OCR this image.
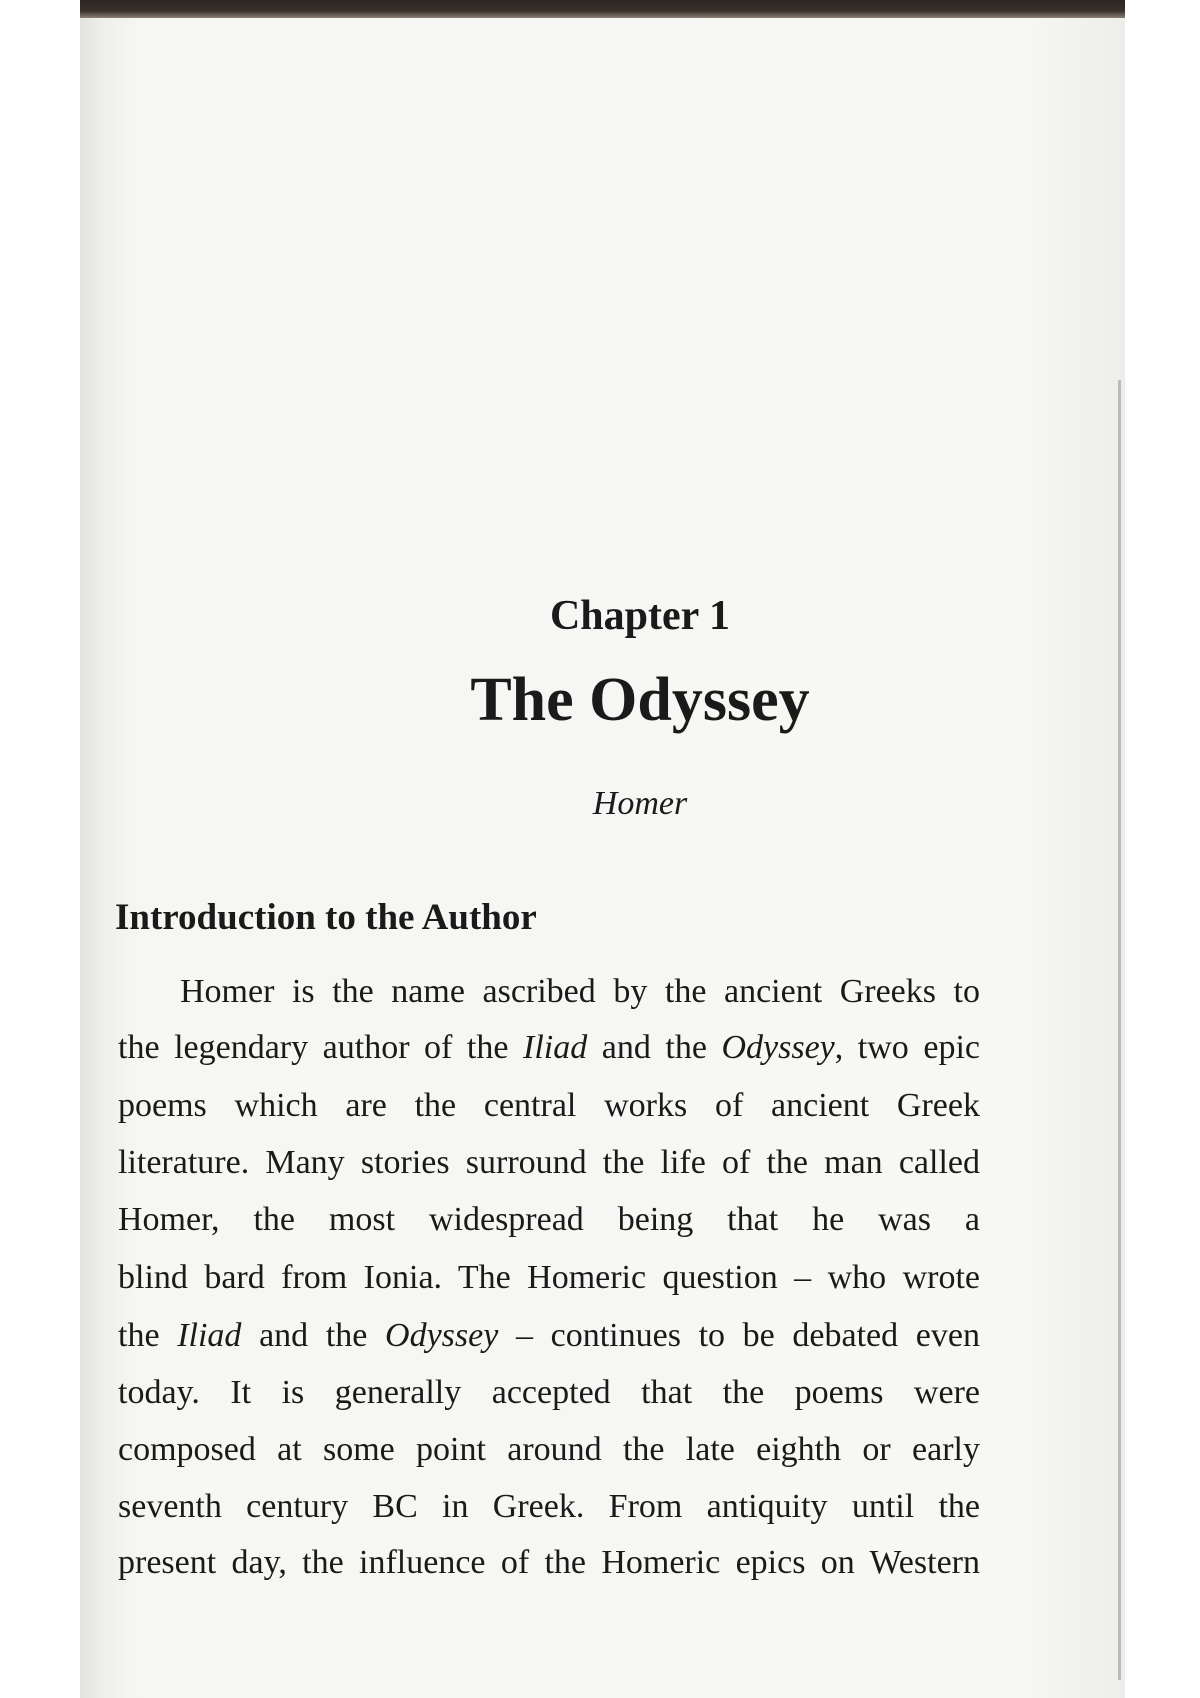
Chapter 1
The Odyssey
Homer
Introduction to the Author
Homer is the name ascribed by the ancient Greeks to
the legendary author of the Iliad and the Odyssey, two epic
poems which are the central works of ancient Greek
literature. Many stories surround the life of the man called
Homer, the most widespread being that he was a
blind bard from Ionia. The Homeric question – who wrote
the Iliad and the Odyssey – continues to be debated even
today. It is generally accepted that the poems were
composed at some point around the late eighth or early
seventh century BC in Greek. From antiquity until the
present day, the influence of the Homeric epics on Western
